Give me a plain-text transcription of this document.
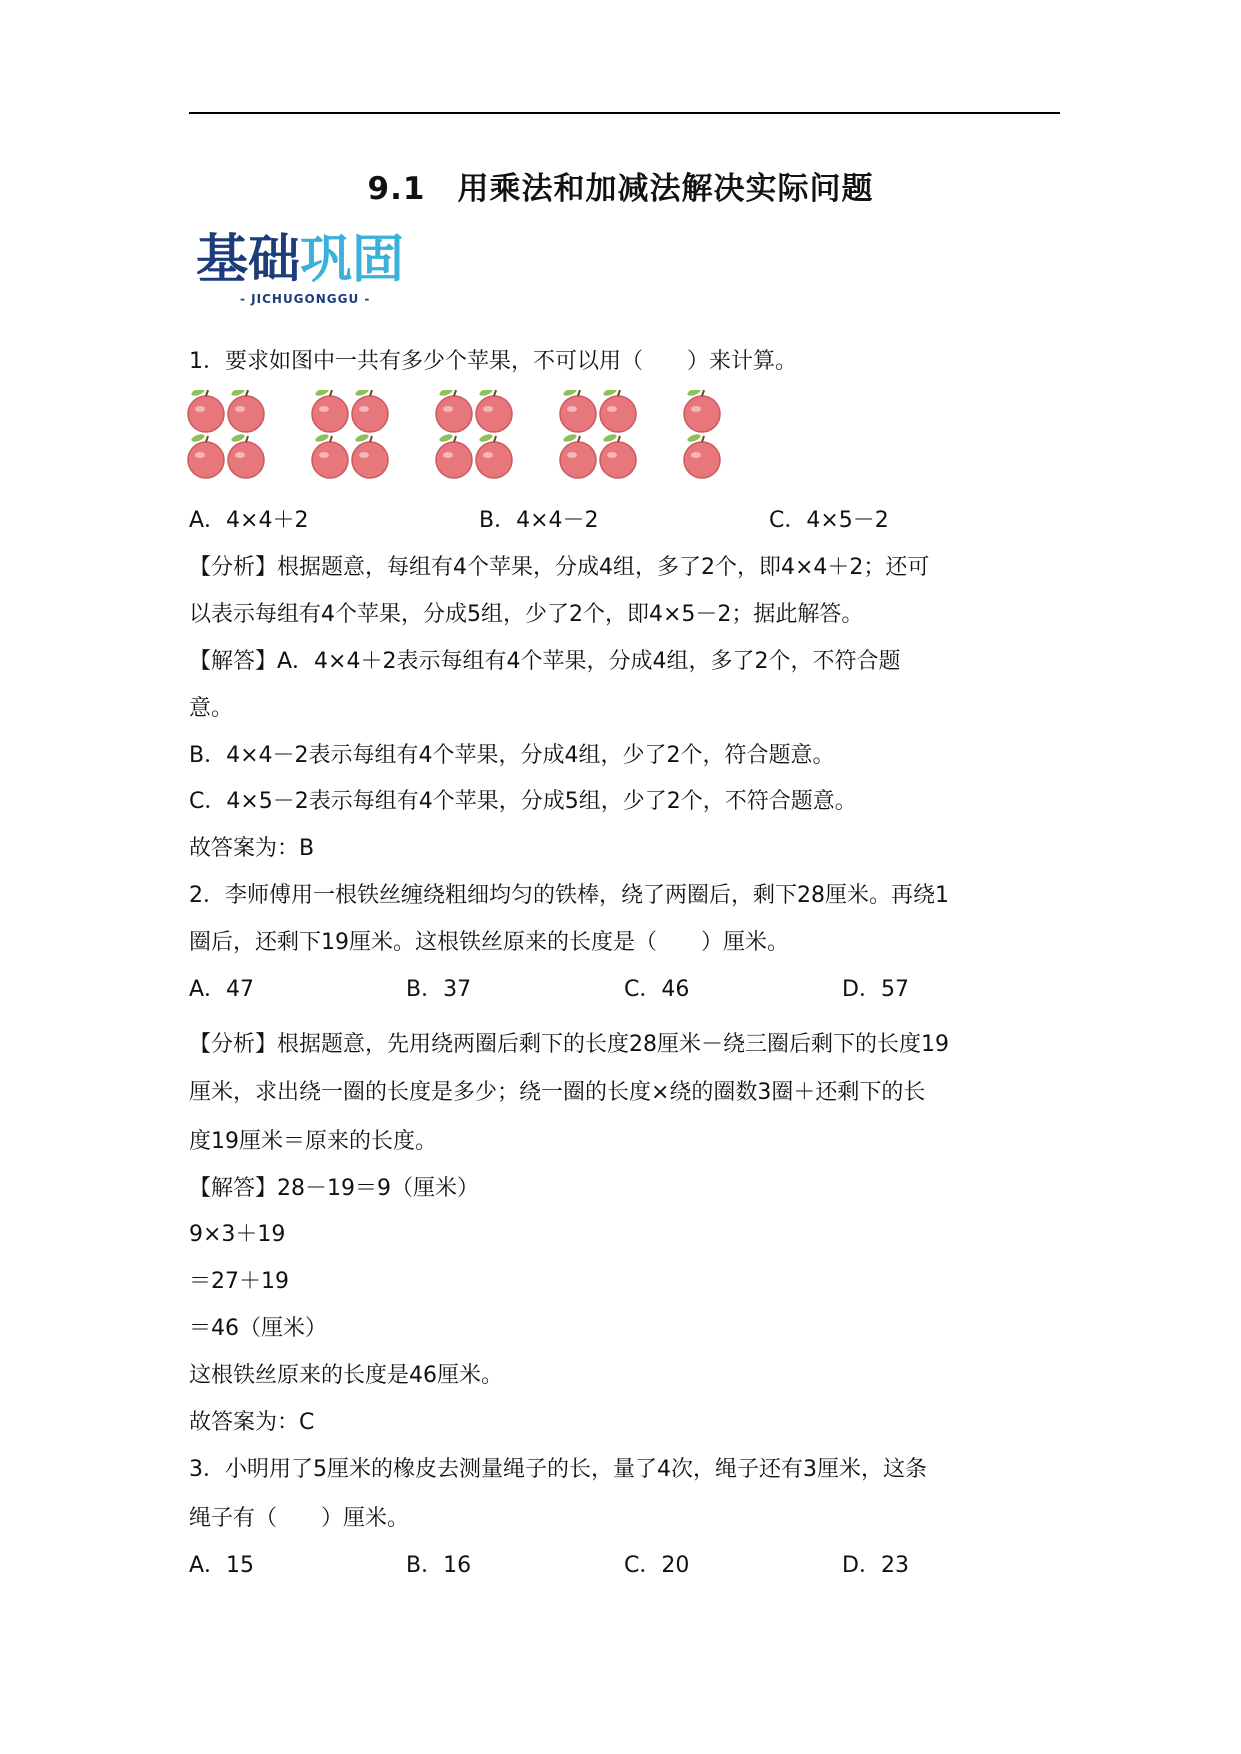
9.1　用乘法和加减法解决实际问题
基础 巩固
- JICHUGONGGU -
1．要求如图中一共有多少个苹果，不可以用（　　）来计算。
A．4×4＋2	B．4×4－2	C．4×5－2
【分析】根据题意，每组有4个苹果，分成4组，多了2个，即4×4＋2；还可
以表示每组有4个苹果，分成5组，少了2个，即4×5－2；据此解答。
【解答】A．4×4＋2表示每组有4个苹果，分成4组，多了2个，不符合题
意。
B．4×4－2表示每组有4个苹果，分成4组，少了2个，符合题意。
C．4×5－2表示每组有4个苹果，分成5组，少了2个，不符合题意。
故答案为：B
2．李师傅用一根铁丝缠绕粗细均匀的铁棒，绕了两圈后，剩下28厘米。再绕1
圈后，还剩下19厘米。这根铁丝原来的长度是（　　）厘米。
A．47	B．37	C．46	D．57
【分析】根据题意，先用绕两圈后剩下的长度28厘米－绕三圈后剩下的长度19
厘米，求出绕一圈的长度是多少；绕一圈的长度×绕的圈数3圈＋还剩下的长
度19厘米＝原来的长度。
【解答】28－19＝9（厘米）
9×3＋19
＝27＋19
＝46（厘米）
这根铁丝原来的长度是46厘米。
故答案为：C
3．小明用了5厘米的橡皮去测量绳子的长，量了4次，绳子还有3厘米，这条
绳子有（　　）厘米。
A．15	B．16	C．20	D．23
